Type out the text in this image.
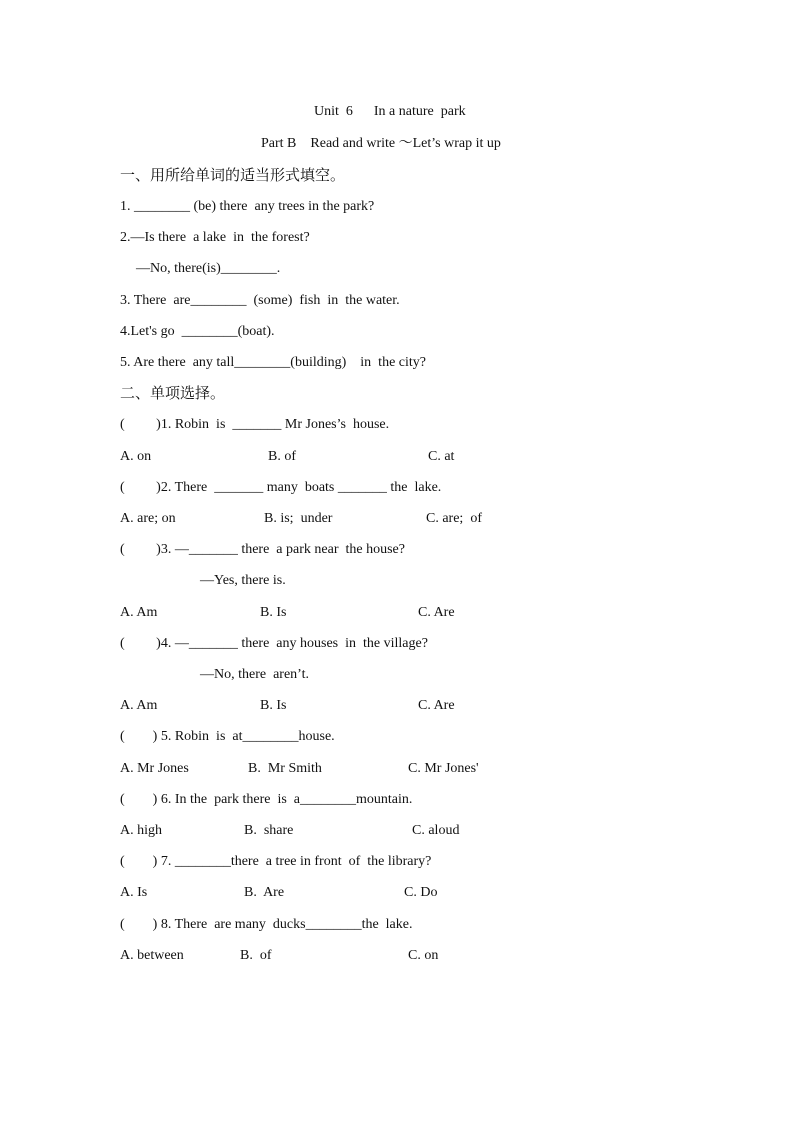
Unit  6      In a nature  park
Part B    Read and write ～Let’s wrap it up
一、用所给单词的适当形式填空。
1. ________ (be) there  any trees in the park?
2.—Is there  a lake  in  the forest?
—No, there(is)________.
3. There  are________  (some)  fish  in  the water.
4.Let's go  ________(boat).
5. Are there  any tall________(building)    in  the city?
二、单项选择。
(         )1. Robin  is  _______ Mr Jones’s  house.
A. on	B. of	C. at
(         )2. There  _______ many  boats _______ the  lake.
A. are; on	B. is;  under	C. are;  of
(         )3. —_______ there  a park near  the house?
—Yes, there is.
A. Am	B. Is	C. Are
(         )4. —_______ there  any houses  in  the village?
—No, there  aren’t.
A. Am	B. Is	C. Are
(        ) 5. Robin  is  at________house.
A. Mr Jones	B.  Mr Smith	C. Mr Jones'
(        ) 6. In the  park there  is  a________mountain.
A. high	B.  share	C. aloud
(        ) 7. ________there  a tree in front  of  the library?
A. Is	B.  Are	C. Do
(        ) 8. There  are many  ducks________the  lake.
A. between	B.  of	C. on
